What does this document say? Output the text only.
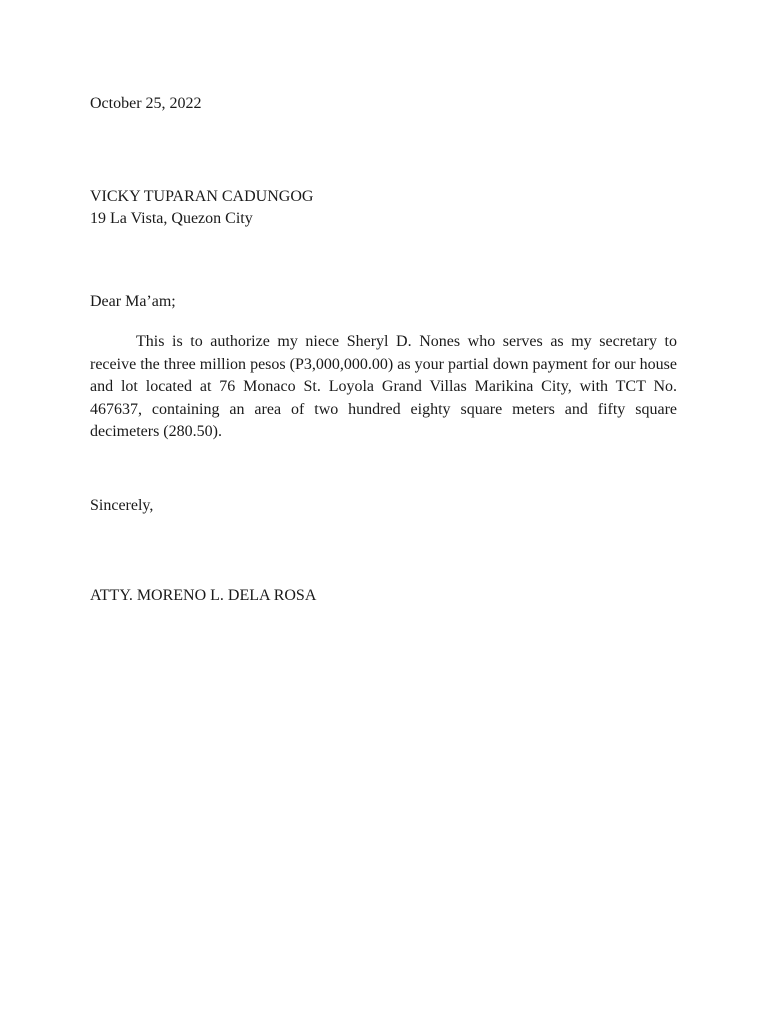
October 25, 2022
VICKY TUPARAN CADUNGOG
19 La Vista, Quezon City
Dear Ma’am;

This is to authorize my niece Sheryl D. Nones who serves as my secretary to receive the three million pesos (P3,000,000.00) as your partial down payment for our house and lot located at 76 Monaco St. Loyola Grand Villas Marikina City, with TCT No. 467637, containing an area of two hundred eighty square meters and fifty square decimeters (280.50).

Sincerely,
ATTY. MORENO L. DELA ROSA
